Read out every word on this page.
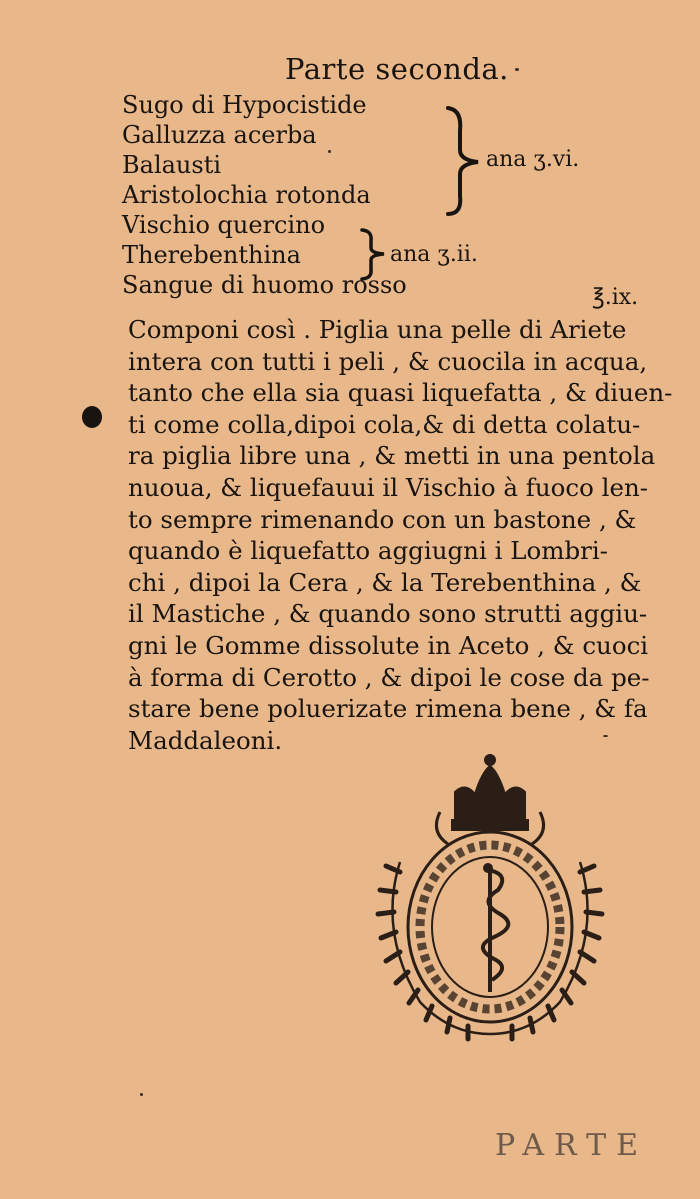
Parte seconda.
Sugo di Hypocistide
Galluzza acerba
Balausti
Aristolochia rotonda
Vischio quercino
Therebenthina
Sangue di huomo rosso
ana ʒ.vi.
ana ʒ.ii.
℥.ix.
Componi così . Piglia una pelle di Ariete
intera con tutti i peli , & cuocila in acqua,
tanto che ella sia quasi liquefatta , & diuen-
ti come colla,dipoi cola,& di detta colatu-
ra piglia libre una , & metti in una pentola
nuoua, & liquefauui il Vischio à fuoco len-
to sempre rimenando con un bastone , &
quando è liquefatto aggiugni i Lombri-
chi , dipoi la Cera , & la Terebenthina , &
il Mastiche , & quando sono strutti aggiu-
gni le Gomme dissolute in Aceto , & cuoci
à forma di Cerotto , & dipoi le cose da pe-
stare bene poluerizate rimena bene , & fa
Maddaleoni.
PARTE
